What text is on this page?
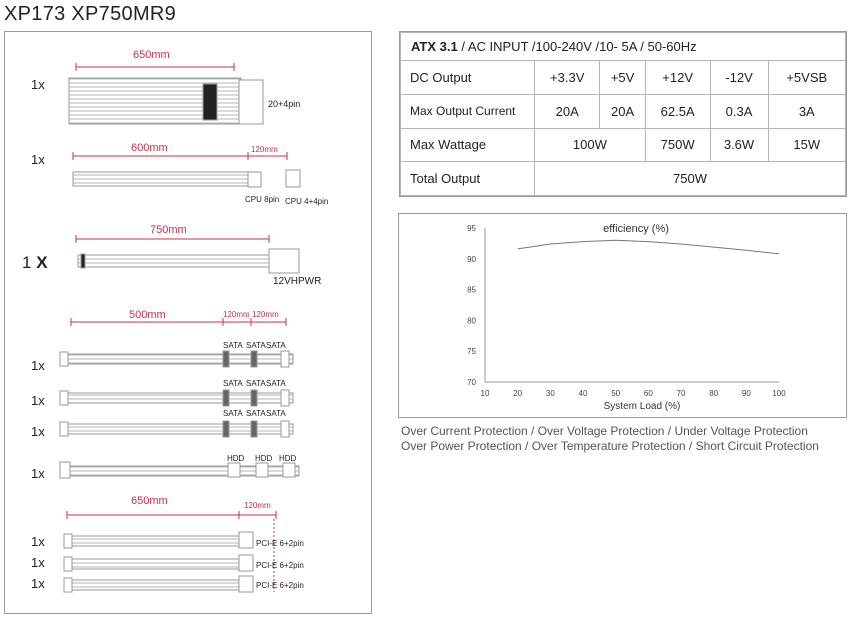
XP173 XP750MR9
1x
650mm
20+4pin
1x
600mm	120mm
CPU 8pin CPU 4+4pin
1 X
750mm
12VHPWR
500mm	120mm 120mm
1x
SATA SATA SATA
1x
SATA SATA SATA
1x
SATA SATA SATA
1x
HDD HDD HDD
650mm	120mm
1x	PCI-E 6+2pin
1x	PCI-E 6+2pin
1x	PCI-E 6+2pin
ATX 3.1 / AC INPUT /100-240V /10- 5A / 50-60Hz					
DC Output	+3.3V	+5V	+12V	-12V	+5VSB
Max Output Current	20A	20A	62.5A	0.3A	3A
Max Wattage	100W		750W	3.6W	15W
Total Output	750W				
70
75
80
85
90
95
10	20	30	40	50	60	70	80	90	100
efficiency (%)
System Load (%)
Over Current Protection / Over Voltage Protection / Under Voltage Protection
Over Power Protection / Over Temperature Protection / Short Circuit Protection
